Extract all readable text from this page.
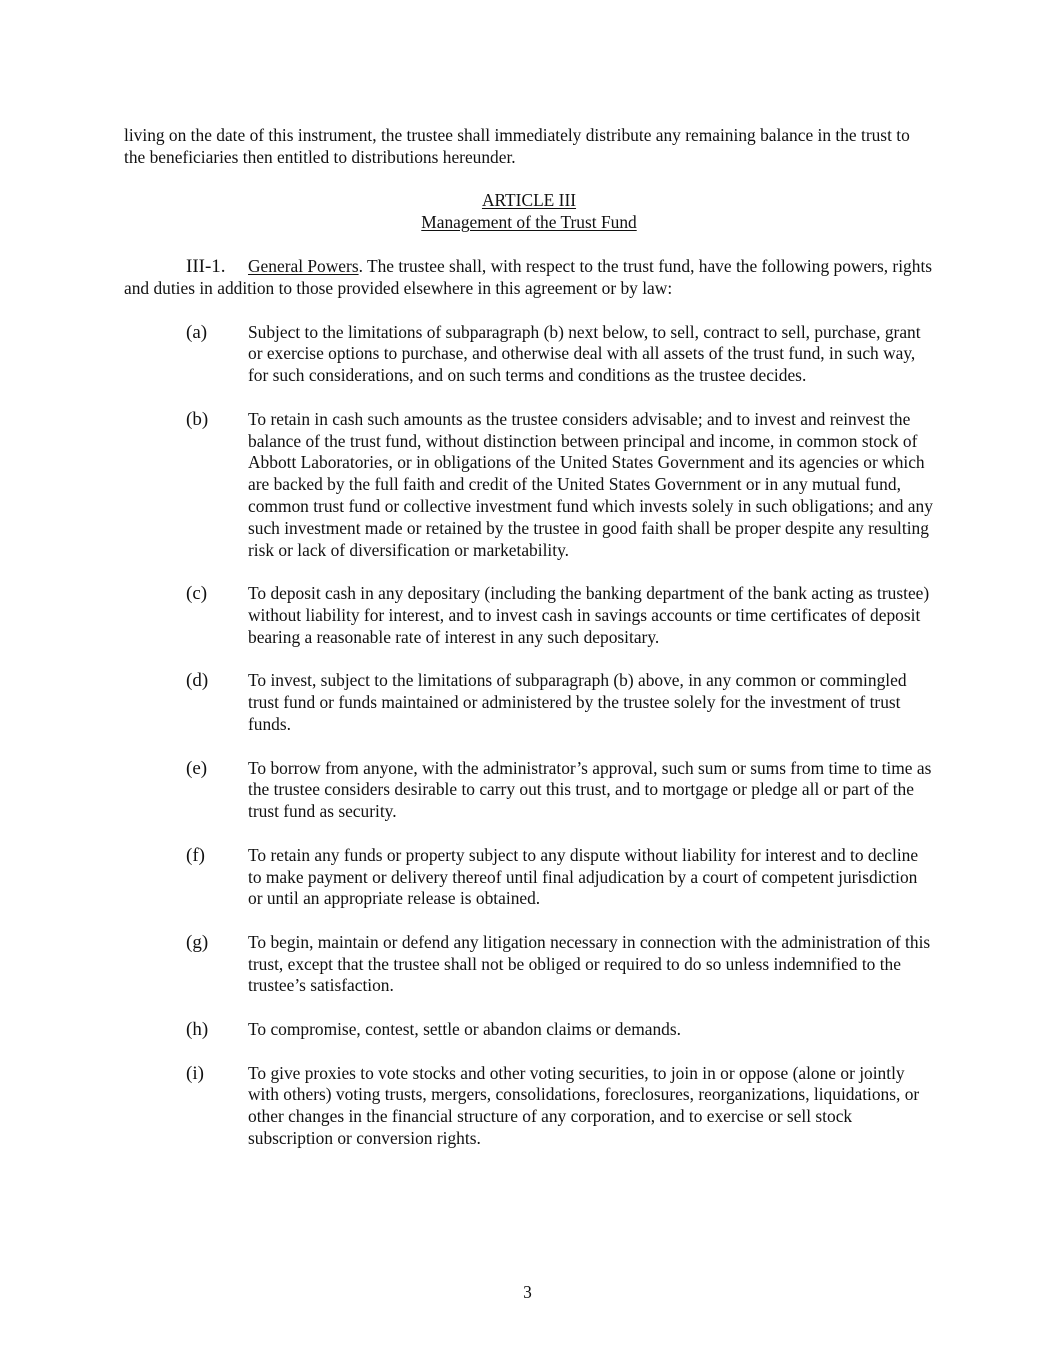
living on the date of this instrument, the trustee shall immediately distribute any remaining balance in the trust to the beneficiaries then entitled to distributions hereunder.

ARTICLE III
Management of the Trust Fund

III-1. General Powers. The trustee shall, with respect to the trust fund, have the following powers, rights and duties in addition to those provided elsewhere in this agreement or by law:

(a) Subject to the limitations of subparagraph (b) next below, to sell, contract to sell, purchase, grant or exercise options to purchase, and otherwise deal with all assets of the trust fund, in such way, for such considerations, and on such terms and conditions as the trustee decides.
(b) To retain in cash such amounts as the trustee considers advisable; and to invest and reinvest the balance of the trust fund, without distinction between principal and income, in common stock of Abbott Laboratories, or in obligations of the United States Government and its agencies or which are backed by the full faith and credit of the United States Government or in any mutual fund, common trust fund or collective investment fund which invests solely in such obligations; and any such investment made or retained by the trustee in good faith shall be proper despite any resulting risk or lack of diversification or marketability.
(c) To deposit cash in any depositary (including the banking department of the bank acting as trustee) without liability for interest, and to invest cash in savings accounts or time certificates of deposit bearing a reasonable rate of interest in any such depositary.
(d) To invest, subject to the limitations of subparagraph (b) above, in any common or commingled trust fund or funds maintained or administered by the trustee solely for the investment of trust funds.
(e) To borrow from anyone, with the administrator’s approval, such sum or sums from time to time as the trustee considers desirable to carry out this trust, and to mortgage or pledge all or part of the trust fund as security.
(f) To retain any funds or property subject to any dispute without liability for interest and to decline to make payment or delivery thereof until final adjudication by a court of competent jurisdiction or until an appropriate release is obtained.
(g) To begin, maintain or defend any litigation necessary in connection with the administration of this trust, except that the trustee shall not be obliged or required to do so unless indemnified to the trustee’s satisfaction.
(h) To compromise, contest, settle or abandon claims or demands.
(i)	To give proxies to vote stocks and other voting securities, to join in or oppose (alone or jointly with others) voting trusts, mergers, consolidations, foreclosures, reorganizations, liquidations, or other changes in the financial structure of any corporation, and to exercise or sell stock subscription or conversion rights.
3
